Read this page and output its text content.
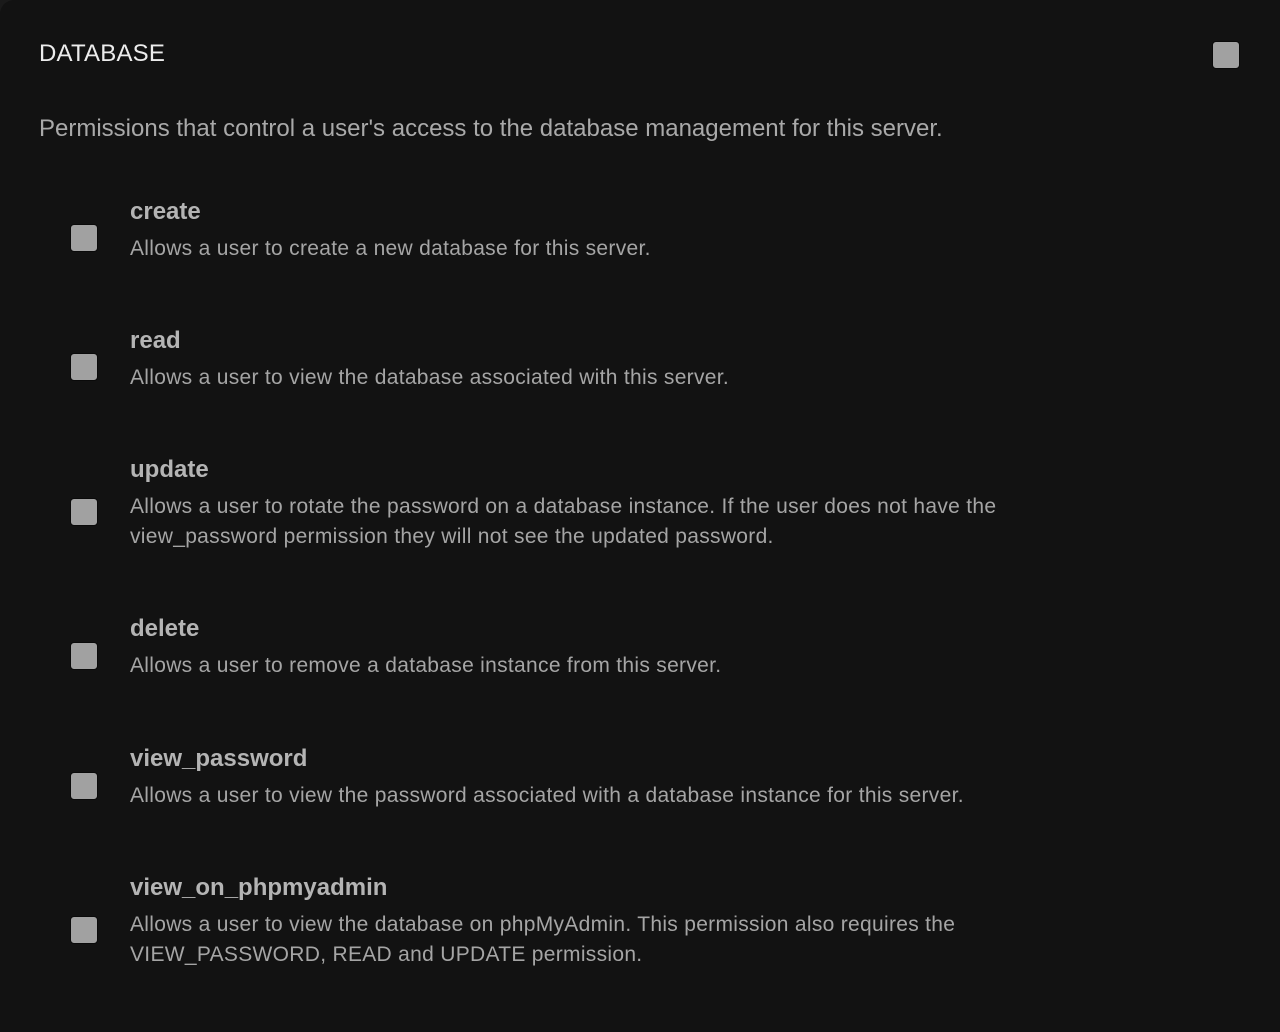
DATABASE
Permissions that control a user's access to the database management for this server.
create
Allows a user to create a new database for this server.
read
Allows a user to view the database associated with this server.
update
Allows a user to rotate the password on a database instance. If the user does not have the view_password permission they will not see the updated password.
delete
Allows a user to remove a database instance from this server.
view_password
Allows a user to view the password associated with a database instance for this server.
view_on_phpmyadmin
Allows a user to view the database on phpMyAdmin. This permission also requires the VIEW_PASSWORD, READ and UPDATE permission.
